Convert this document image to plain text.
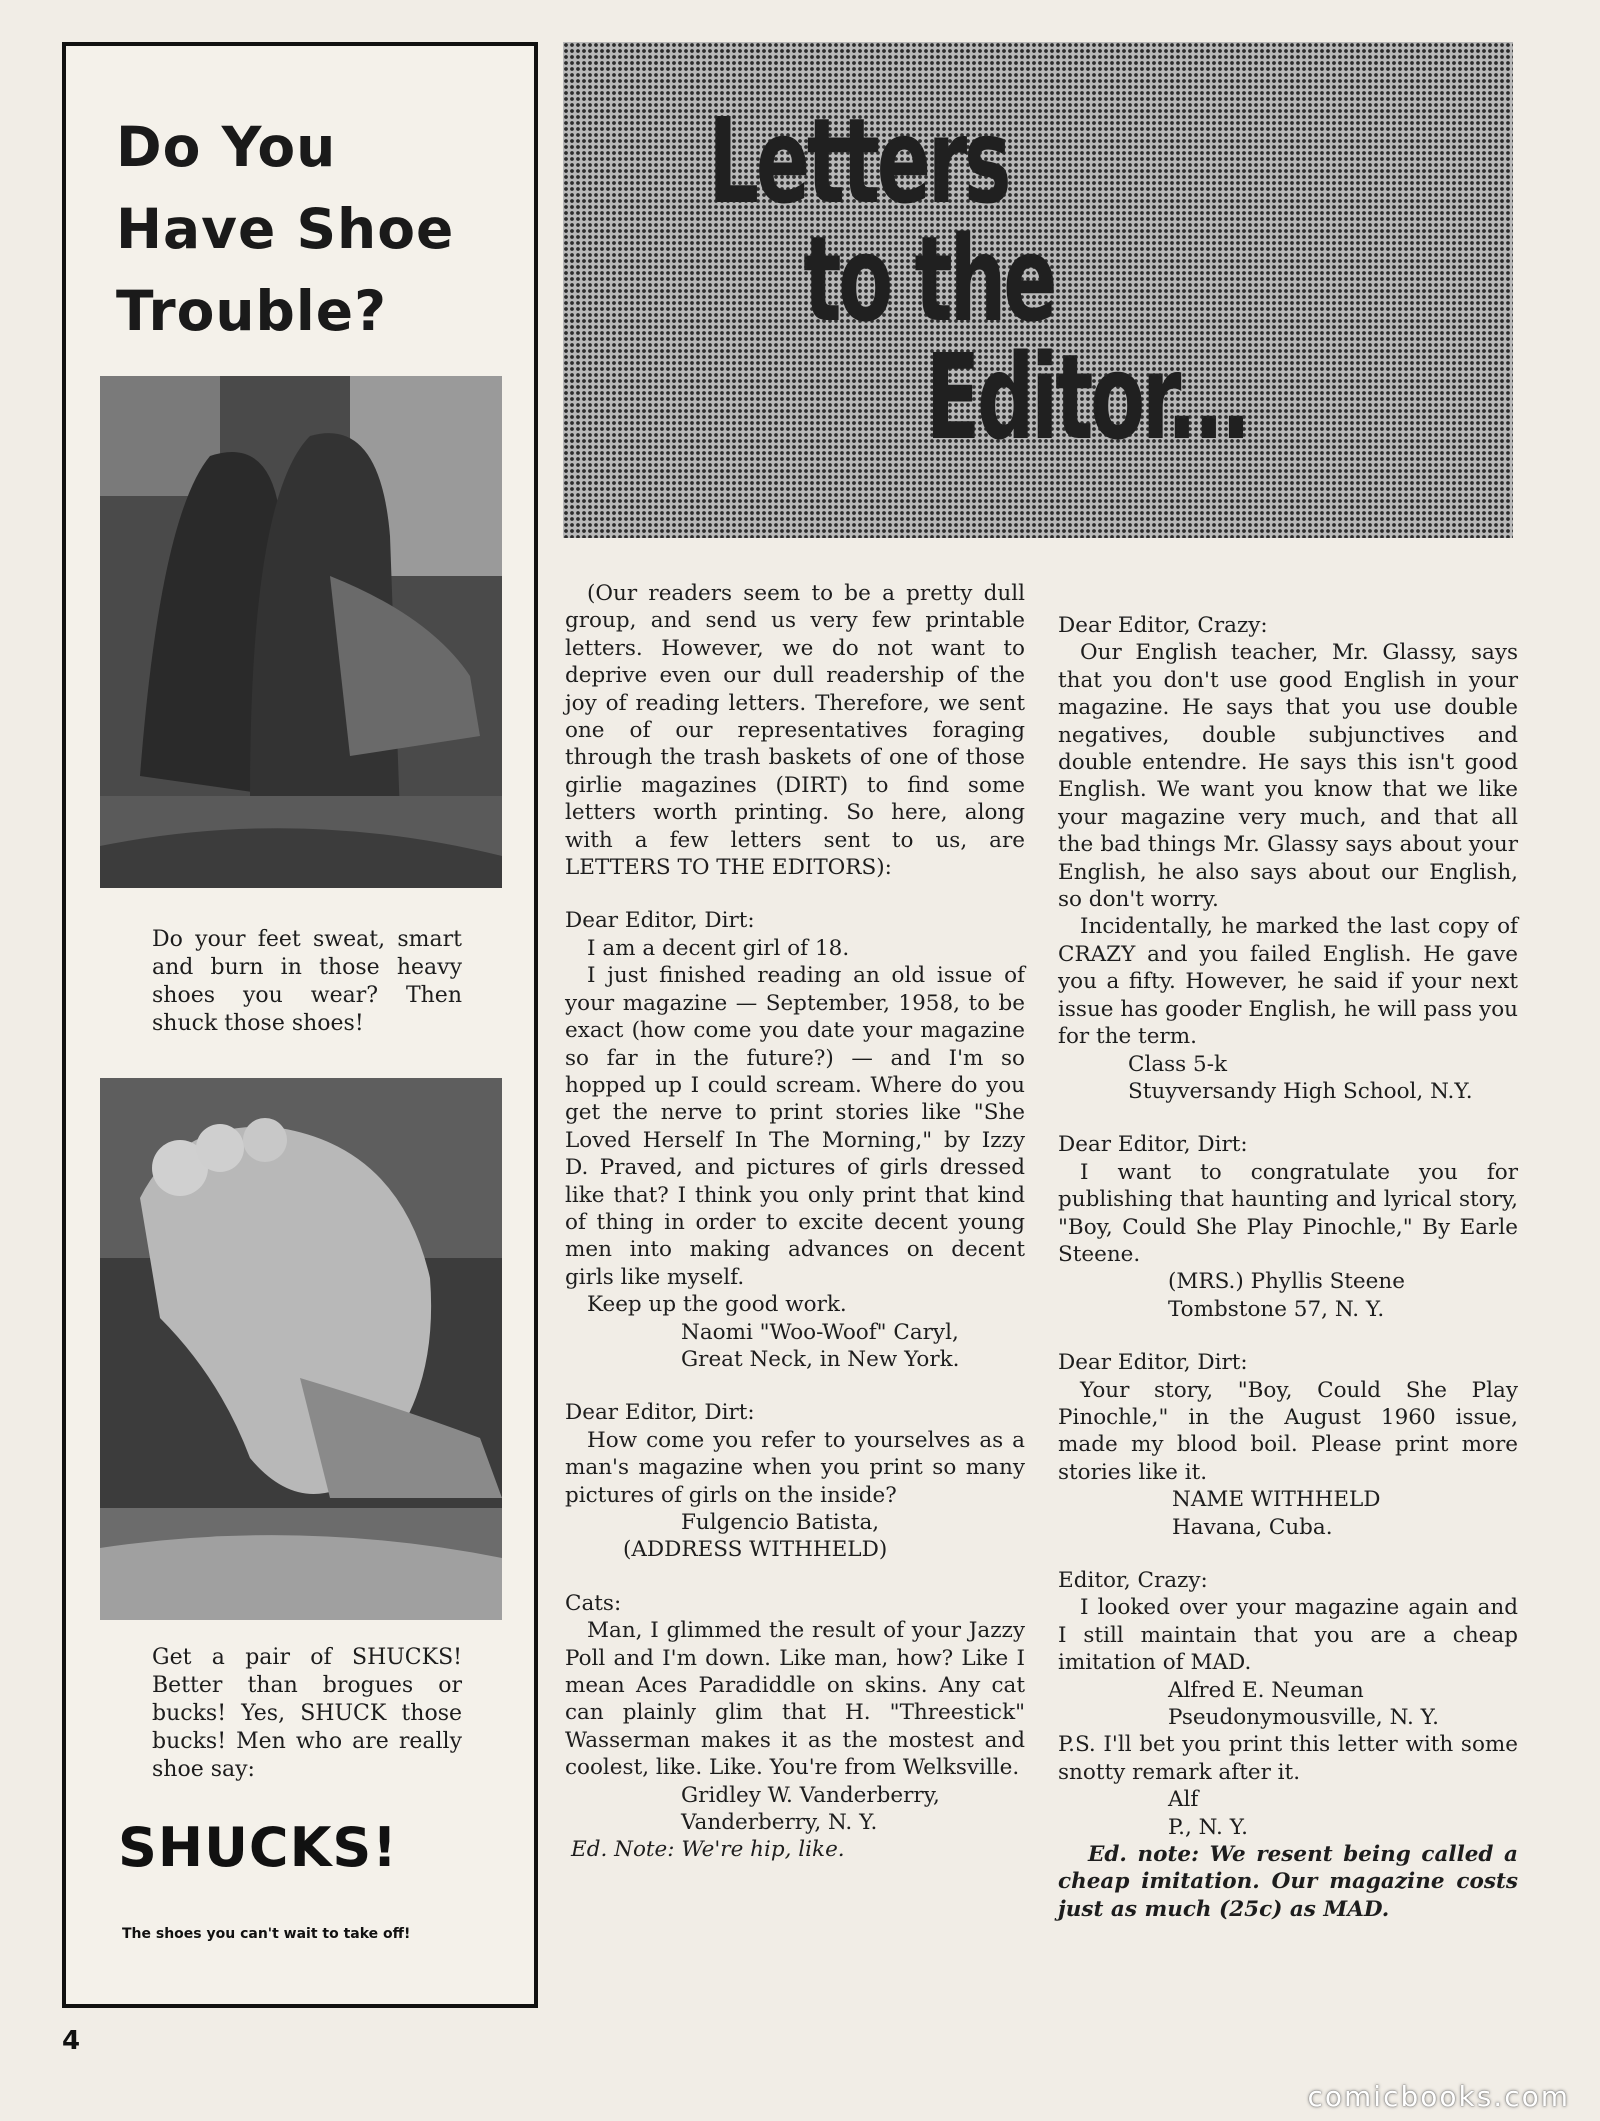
Do You
Have Shoe
Trouble?

Do your feet sweat, smart and burn in those heavy shoes you wear? Then shuck those shoes!

Get a pair of SHUCKS! Better than brogues or bucks! Yes, SHUCK those bucks! Men who are really shoe say:

SHUCKS!
The shoes you can't wait to take off!
4
Letters
to the
Editor...

(Our readers seem to be a pretty dull group, and send us very few printable letters. However, we do not want to deprive even our dull readership of the joy of reading letters. Therefore, we sent one of our representatives foraging through the trash baskets of one of those girlie magazines (DIRT) to find some letters worth printing. So here, along with a few letters sent to us, are LETTERS TO THE EDITORS):

Dear Editor, Dirt:

I am a decent girl of 18.

I just finished reading an old issue of your magazine — September, 1958, to be exact (how come you date your magazine so far in the future?) — and I'm so hopped up I could scream. Where do you get the nerve to print stories like "She Loved Herself In The Morning," by Izzy D. Praved, and pictures of girls dressed like that? I think you only print that kind of thing in order to excite decent young men into making advances on decent girls like myself.

Keep up the good work.

Naomi "Woo-Woof" Caryl,

Great Neck, in New York.

Dear Editor, Dirt:

How come you refer to yourselves as a man's magazine when you print so many pictures of girls on the inside?

Fulgencio Batista,

(ADDRESS WITHHELD)

Cats:

Man, I glimmed the result of your Jazzy Poll and I'm down. Like man, how? Like I mean Aces Paradiddle on skins. Any cat can plainly glim that H. "Threestick" Wasserman makes it as the mostest and coolest, like. Like. You're from Welksville.

Gridley W. Vanderberry,

Vanderberry, N. Y.

Ed. Note: We're hip, like.

Dear Editor, Crazy:

Our English teacher, Mr. Glassy, says that you don't use good English in your magazine. He says that you use double negatives, double subjunctives and double entendre. He says this isn't good English. We want you know that we like your magazine very much, and that all the bad things Mr. Glassy says about your English, he also says about our English, so don't worry.

Incidentally, he marked the last copy of CRAZY and you failed English. He gave you a fifty. However, he said if your next issue has gooder English, he will pass you for the term.

Class 5-k

Stuyversandy High School, N.Y.

Dear Editor, Dirt:

I want to congratulate you for publishing that haunting and lyrical story, "Boy, Could She Play Pinochle," By Earle Steene.

(MRS.) Phyllis Steene

Tombstone 57, N. Y.

Dear Editor, Dirt:

Your story, "Boy, Could She Play Pinochle," in the August 1960 issue, made my blood boil. Please print more stories like it.

NAME WITHHELD

Havana, Cuba.

Editor, Crazy:

I looked over your magazine again and I still maintain that you are a cheap imitation of MAD.

Alfred E. Neuman

Pseudonymousville, N. Y.

P.S. I'll bet you print this letter with some snotty remark after it.

Alf

P., N. Y.

Ed. note: We resent being called a cheap imitation. Our magazine costs just as much (25c) as MAD.

comicbooks.com
